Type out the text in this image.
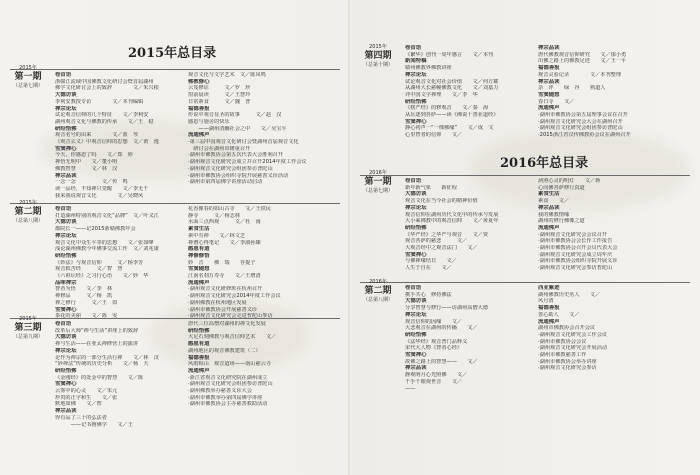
2015年总目录
2015年
第一期
（总第七期）
2015年
第二期
（总第八期）
2015年
第三期
（总第九期）
卷首语
浙赣江流域中国佛教文化研讨会暨首届湖州
佛学文化研讨会上的致辞　　　　文／朱兴根
大德访谈
李利安教授专访　　　　文／本刊编辑
禅宗论坛
试论观音信仰的几个特征　　文／李利安
湖州观音文化与佛教的传承　　文／王　稳
研经悟佛
观音名号的由来　　　　文／蓝　琴
《观音玄义》中观音信仰的思想　文／黄　逸
雪窦禅心
今天，你感恩了吗　　文／郑　婷
禅悟无明中　　文／董小明
佛教智慧　　　文／林　汉
禅宗品读
一念一念　　　　　文／传　鸣
读一品经，不知禅只觉醒　　文／李无千
我来我说观音文化　　　　文／吴晓风
观音文化与文学艺术　文／陈凤鸣
佛教修心
云笈修证　　　文／罗　珍
窗前晨读　　　文／王慧玲
日常素食　　　文／魏　普
福德善报
传说中观音显圣的故事　　　文／赵　汉
感恩与施舍的快乐
　　——湖州清幽社会之中　　文／吴宝平
流通佛声
·第三届中国观音文化研讨会暨湖州首届观音文化
　研讨会在湖州市隆重召开
·湖州市佛教协会第五次代表大会胜利召开
·湖州观音文化研究会成立并召开2014年度工作会议
·湖州观音文化研究会组团参访普陀山
·湖州市佛教协会组织寺院开展慈善义诊活动
·湖州市第四届佛学讲座活动启动
卷首语
打造湖州特别的观音文化“品牌”　文／叶义江
大德访谈
都院长一——记2015浙赣佛教年会
禅宗论坛
观音文化中众生平等的思想　　文／张如峰
浅论湖州佛教今年佛事交流工作　文／刘兆康
研经悟佛
《妙法》与观音信仰　　　文／杨李芳
观音救苦经　　　文／智　慧
《六祖坛经》之习行心语　　文／妙　华
品味禅宗
智者为悟　　文／李　林
禅修品　　　文／杨　凯
禅之修行　　　文／王　如
雪窦禅心
茶花的美丽　　文／陈　雯
花香像春的如山古寺　　文／王铁民
静寺　　　文／杨志林
水面三点西观　　　文／杜　南
素食生活
素中有禅　　文／林文芝
禅僧心得笔记　　文／李淑孙臻
感恩有道
禅修修悟
妙　音　　佛　瑞　　菩提子
雪窦随想
江南名刹万寿寺　　文／王增清
流通佛声
·湖州观音文化研修班在杭州召开
·湖州观音文化研究会2014年度工作会议
·湖州佛教在杭州地区发展
·湖州市佛教协会开展慈善义诊
·湖州观音文化研究会走进普陀山参访
卷首语
改革后大师“禅与生活”讲座上的致辞
大德访谈
禅与生活——在亚太禅修营上的演讲
禅宗论坛
论作为禅宗的一部分生活行禅　　文／林　汉
“妙禅法”传统的历史分析　　文／杨　天
研经悟佛
《金刚经》的处金中的智慧　　文／陈
雪窦禅心
云雾中的心灵　　文／朱元
珍贵的正字和生　　文／张
默地如佛　　文／智
禅宗品读
得有品了三十的弘法者
　　　——记书画佛学　　文／王
唐代三位高僧对湖州的禅文化发展
研经悟佛
大足石刻佛教与观音信仰艺术　　文／
感恩有道
湖州地区的观音佛教建筑（二）
福德善报
风雨相山　观音道场——南山慈云寺
流通佛声
·浙江省观音文化研究院在湖州成立
·湖州观音文化研究会组团参访普陀山
·湖州佛教举办慈善义诊大会
·湖州市佛教举办第四届佛学讲座
·湖州市佛教协会主办慈善救助活动
2015年
第四期
（总第十期）
卷首语
《繁华》创刊一周年感言　　文／本刊
新闻特稿
赣州佛教界佛教讲座
禅宗论坛
试论观音文化对社会价值　　文／何方耀
从湖州大长慈幢佛教文化　　文／刘嘉力
评中国文字禅理　　文／李　华
研经悟佛
《楞严经》的修观音　　文／秦　海
从坛逐到菩萨——读《佛说十善业道经》
雪窦禅心
静心初声一“一棵佛缘”　　文／成　文
心里智者的信仰　　文／
禅宗品读
唐代佛教观音信仰研究　　文／郁小勇
出佛之路上的佛教足迹　　文／王一平
福德善报
观音灵验记录　　　　文／本刊整理
禅宗品读
杂　评　　绿　谷　　熟道人
雪窦随想
春日寺　　文／
流通佛声
·湖州市佛教协会第五届理事会议在召开
·湖州观音文化研究会大会在湖州召开
·湖州观音文化研究会组团参访普陀山
·2015浙江省汉传佛教协会议在湖州召开
2016年总目录
2016年
第一期
（总第七期）
2016年
第二期
（总第八期）
卷首语
新年新气象　　新征程
大德访谈
观音文化在当今社会的精神价值
禅宗论坛
观音信仰在湖州历代文化中的传承与发展
大小乘佛教中的观音信仰　　文／黄夏年
研经悟佛
《华严经》之华严与观音　　文／贾
观音菩萨的慈悲　　　文／　
大观音经中之观音法门　　文／
雪窦禅心
与佛禅缘结日　　文／　
人生于自在　　文／　
洞照心灵的明灯　　文／蒋
心向佛菩萨修行真道
素食生活
素食　　文／
禅宗品读
我的佛教情缘
湖州的修行佛像之道
流通佛声
·湖州观音文化研究会会议召开
·湖州市佛教协会会长作工作报告
·湖州市佛教协会召开会员代表大会
·湖州观音文化研究会成立周年庆
·湖州市佛教协会组织寺院开展义诊
·湖州观音文化研究会参访普陀山
卷首语
携手共心　修持佛法
大德访谈
分享智慧与修行——访湖州高僧大德
禅宗论坛
观音信仰的因缘　　文／
大悲观音在湖州的传播　　文／
研经悟佛
《法华经》观音普门品释义
宋代大人物《智者心经》
雪窦禅心
故佛之路上的智慧——　　文／
禅宗品读
静观明月心光照佛　　文／
千手千眼观世音　　文／
——
西亚紫迹
湖州佛教历史名人　　文／
风月清
福德善报
善心助人　　文／
流通佛声
湖州市佛教协会召开会议
·湖州观音文化研究会工作会议
·湖州市佛教协会会议
·湖州观音文化研究会开展活动
·湖州市佛教慈善工作
·湖州市佛教协会举办讲座
·湖州观音文化研究会参访
